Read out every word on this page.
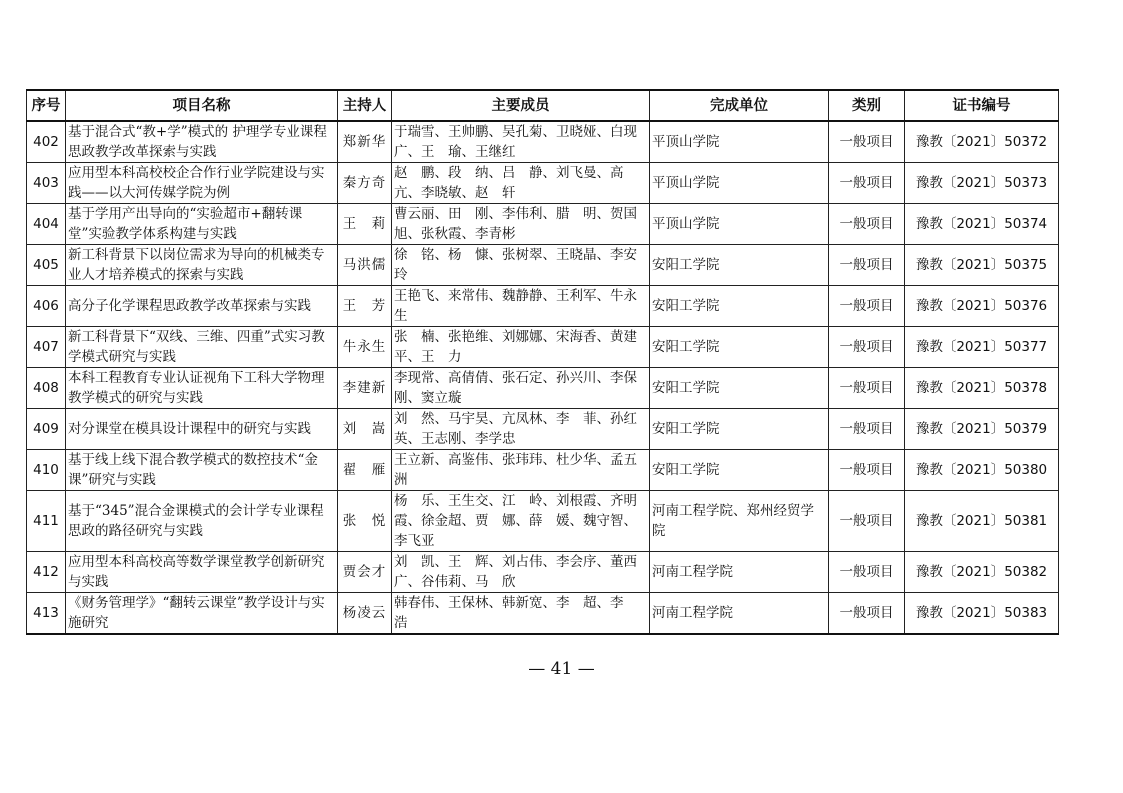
序号	项目名称	主持人	主要成员	完成单位	类别	证书编号
402	基于混合式“教+学”模式的 护理学专业课程思政教学改革探索与实践	郑新华	于瑞雪、王帅鹏、吴孔菊、卫晓娅、白现广、王　瑜、王继红	平顶山学院	一般项目	豫教〔2021〕50372
403	应用型本科高校校企合作行业学院建设与实践——以大河传媒学院为例	秦方奇	赵　鹏、段　纳、吕　静、刘飞曼、高　亢、李晓敏、赵　轩	平顶山学院	一般项目	豫教〔2021〕50373
404	基于学用产出导向的“实验超市+翻转课堂”实验教学体系构建与实践	王　莉	曹云丽、田　刚、李伟利、腊　明、贺国旭、张秋霞、李青彬	平顶山学院	一般项目	豫教〔2021〕50374
405	新工科背景下以岗位需求为导向的机械类专业人才培养模式的探索与实践	马洪儒	徐　铭、杨　慷、张树翠、王晓晶、李安玲	安阳工学院	一般项目	豫教〔2021〕50375
406	高分子化学课程思政教学改革探索与实践	王　芳	王艳飞、来常伟、魏静静、王利军、牛永生	安阳工学院	一般项目	豫教〔2021〕50376
407	新工科背景下“双线、三维、四重”式实习教学模式研究与实践	牛永生	张　楠、张艳维、刘娜娜、宋海香、黄建平、王　力	安阳工学院	一般项目	豫教〔2021〕50377
408	本科工程教育专业认证视角下工科大学物理教学模式的研究与实践	李建新	李现常、高倩倩、张石定、孙兴川、李保刚、窦立璇	安阳工学院	一般项目	豫教〔2021〕50378
409	对分课堂在模具设计课程中的研究与实践	刘　嵩	刘　然、马宇昊、亢凤林、李　菲、孙红英、王志刚、李学忠	安阳工学院	一般项目	豫教〔2021〕50379
410	基于线上线下混合教学模式的数控技术“金课”研究与实践	翟　雁	王立新、高鉴伟、张玮玮、杜少华、孟五洲	安阳工学院	一般项目	豫教〔2021〕50380
411	基于“345”混合金课模式的会计学专业课程思政的路径研究与实践	张　悦	杨　乐、王生交、江　岭、刘根霞、齐明霞、徐金超、贾　娜、薛　媛、魏守智、李飞亚	河南工程学院、郑州经贸学院	一般项目	豫教〔2021〕50381
412	应用型本科高校高等数学课堂教学创新研究与实践	贾会才	刘　凯、王　辉、刘占伟、李会序、董西广、谷伟莉、马　欣	河南工程学院	一般项目	豫教〔2021〕50382
413	《财务管理学》“翻转云课堂”教学设计与实施研究	杨凌云	韩春伟、王保林、韩新宽、李　超、李　浩	河南工程学院	一般项目	豫教〔2021〕50383
— 41 —
